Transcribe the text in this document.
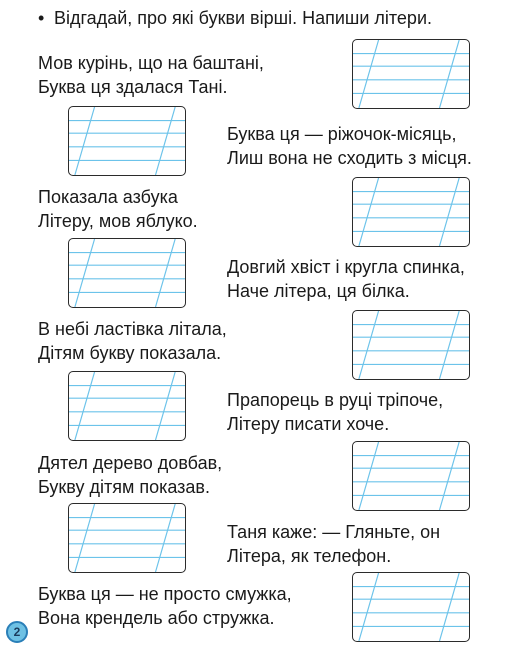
• Відгадай, про які букви вірші. Напиши літери.
Мов курінь, що на баштані,
Буква ця здалася Тані.
Буква ця — ріжочок-місяць,
Лиш вона не сходить з місця.
Показала азбука
Літеру, мов яблуко.
Довгий хвіст і кругла спинка,
Наче літера, ця білка.
В небі ластівка літала,
Дітям букву показала.
Прапорець в руці тріпоче,
Літеру писати хоче.
Дятел дерево довбав,
Букву дітям показав.
Таня каже: — Гляньте, он
Літера, як телефон.
Буква ця — не просто смужка,
Вона крендель або стружка.
2
